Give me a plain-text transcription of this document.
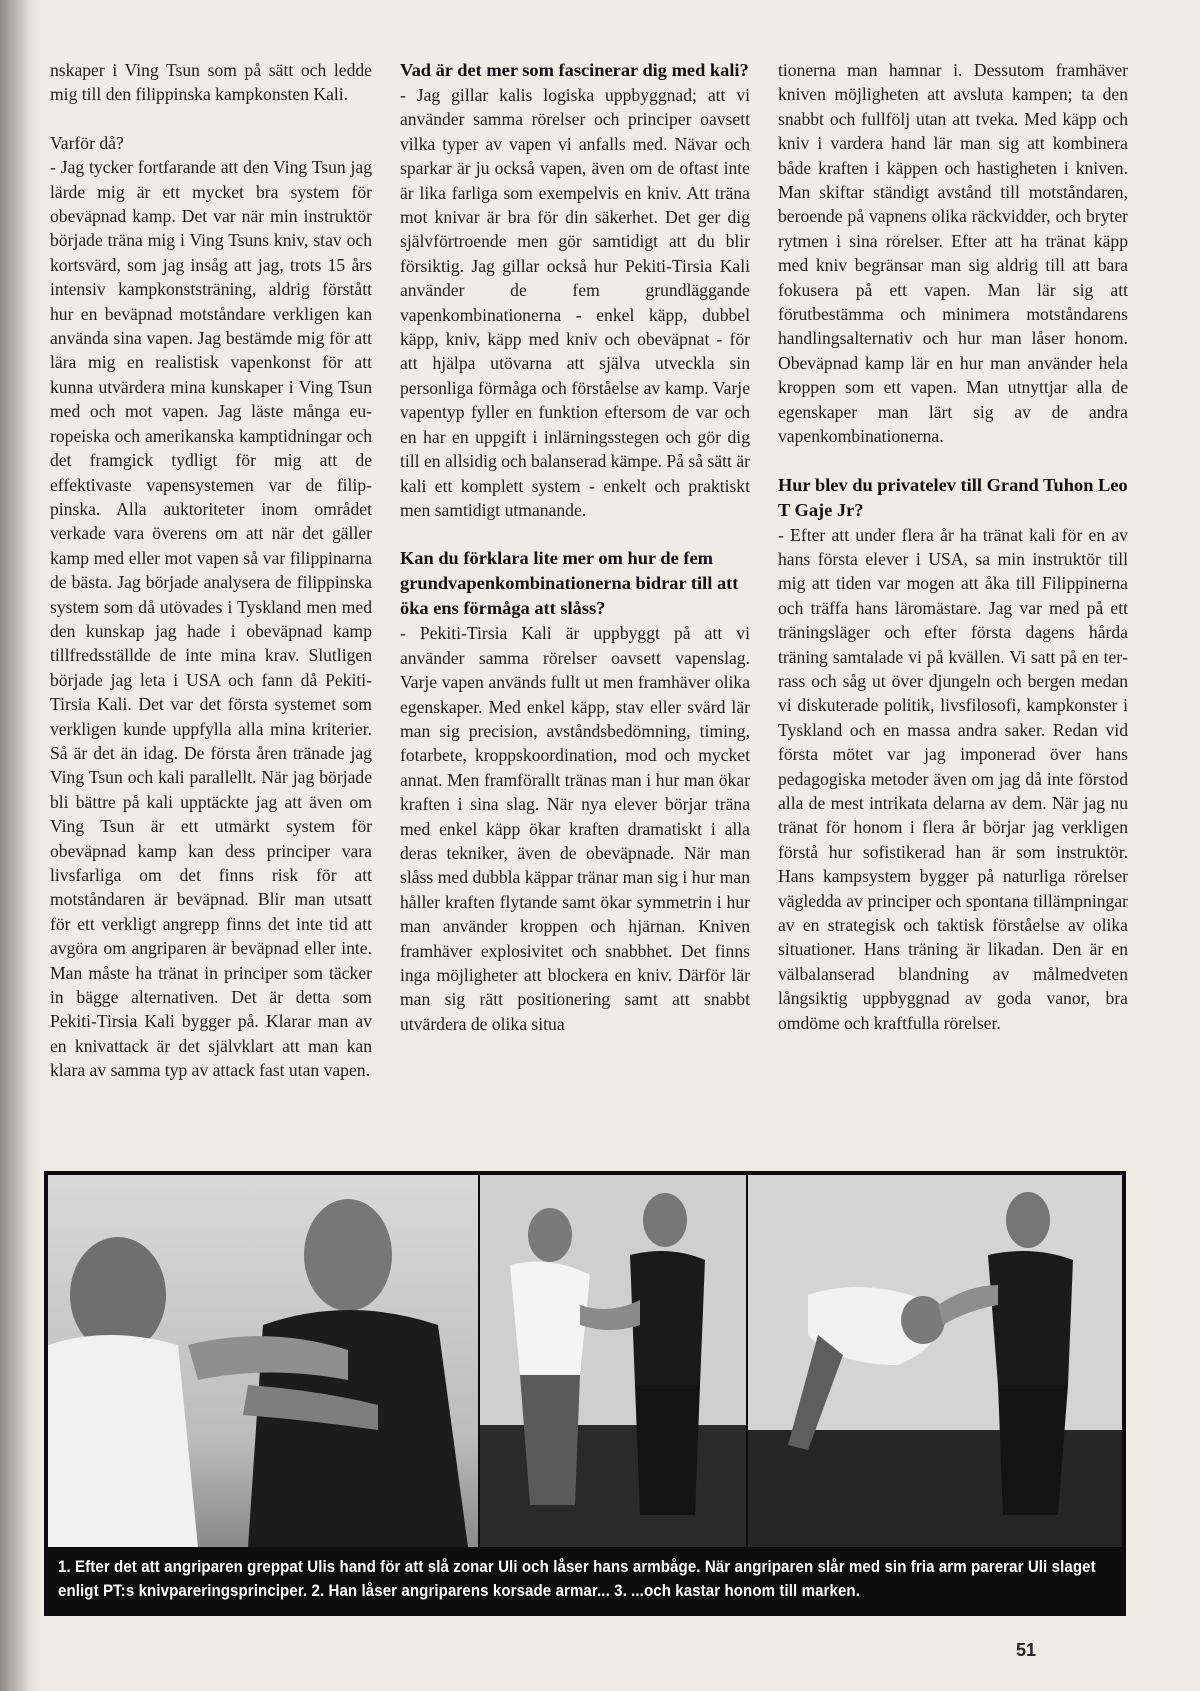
nskaper i Ving Tsun som på sätt och ledde mig till den filippinska kampkonsten Kali.

Varför då?

- Jag tycker fortfarande att den Ving Tsun jag lärde mig är ett mycket bra system för obeväpnad kamp. Det var när min instruktör började träna mig i Ving Tsuns kniv, stav och kortsvärd, som jag insåg att jag, trots 15 års intensiv kampkonststräning, aldrig förstått hur en beväpnad motståndare verkligen kan använda sina vapen. Jag bestämde mig för att lära mig en realistisk vapenkonst för att kunna utvärdera mina kunskaper i Ving Tsun med och mot vapen. Jag läste många europeiska och amerikanska kamptidningar och det framgick tydligt för mig att de effektivaste vapensystemen var de filippinska. Alla auktoriteter inom området verkade vara överens om att när det gäller kamp med eller mot vapen så var filippinarna de bästa. Jag började analysera de filippinska system som då utövades i Tyskland men med den kunskap jag hade i obeväpnad kamp tillfredsställde de inte mina krav. Slutligen började jag leta i USA och fann då Pekiti-Tirsia Kali. Det var det första systemet som verkligen kunde uppfylla alla mina kriterier. Så är det än idag. De första åren tränade jag Ving Tsun och kali parallellt. När jag började bli bättre på kali upptäckte jag att även om Ving Tsun är ett utmärkt system för obeväpnad kamp kan dess principer vara livsfarliga om det finns risk för att motståndaren är beväpnad. Blir man utsatt för ett verkligt angrepp finns det inte tid att avgöra om angriparen är beväpnad eller inte. Man måste ha tränat in principer som täcker in bägge alternativen. Det är detta som Pekiti-Tirsia Kali bygger på. Klarar man av en knivattack är det självklart att man kan klara av samma typ av attack fast utan vapen.

Vad är det mer som fascinerar dig med kali?

- Jag gillar kalis logiska uppbyggnad; att vi använder samma rörelser och principer oavsett vilka typer av vapen vi anfalls med. Nävar och sparkar är ju också vapen, även om de oftast inte är lika farliga som exempelvis en kniv. Att träna mot knivar är bra för din säkerhet. Det ger dig självförtroende men gör samtidigt att du blir försiktig. Jag gillar också hur Pekiti-Tirsia Kali använder de fem grundläggande vapenkombinationerna - enkel käpp, dubbel käpp, kniv, käpp med kniv och obeväpnat - för att hjälpa utövarna att själva utveckla sin personliga förmåga och förståelse av kamp. Varje vapentyp fyller en funktion eftersom de var och en har en uppgift i inlärningsstegen och gör dig till en allsidig och balanserad kämpe. På så sätt är kali ett komplett system - enkelt och praktiskt men samtidigt utmanande.

Kan du förklara lite mer om hur de fem grundvapenkombinationerna bidrar till att öka ens förmåga att slåss?

- Pekiti-Tirsia Kali är uppbyggt på att vi använder samma rörelser oavsett vapenslag. Varje vapen används fullt ut men framhäver olika egenskaper. Med enkel käpp, stav eller svärd lär man sig precision, avståndsbedömning, timing, fotarbete, kroppskoordination, mod och mycket annat. Men framförallt tränas man i hur man ökar kraften i sina slag. När nya elever börjar träna med enkel käpp ökar kraften dramatiskt i alla deras tekniker, även de obeväpnade. När man slåss med dubbla käppar tränar man sig i hur man håller kraften flytande samt ökar symmetrin i hur man använder kroppen och hjärnan. Kniven framhäver explosivitet och snabbhet. Det finns inga möjligheter att blockera en kniv. Därför lär man sig rätt positionering samt att snabbt utvärdera de olika situa

tionerna man hamnar i. Dessutom framhäver kniven möjligheten att avsluta kampen; ta den snabbt och fullfölj utan att tveka. Med käpp och kniv i vardera hand lär man sig att kombinera både kraften i käppen och hastigheten i kniven. Man skiftar ständigt avstånd till motståndaren, beroende på vapnens olika räckvidder, och bryter rytmen i sina rörelser. Efter att ha tränat käpp med kniv begränsar man sig aldrig till att bara fokusera på ett vapen. Man lär sig att förutbestämma och minimera motståndarens handlingsalternativ och hur man låser honom. Obeväpnad kamp lär en hur man använder hela kroppen som ett vapen. Man utnyttjar alla de egenskaper man lärt sig av de andra vapenkombinationerna.

Hur blev du privatelev till Grand Tuhon Leo T Gaje Jr?

- Efter att under flera år ha tränat kali för en av hans första elever i USA, sa min instruktör till mig att tiden var mogen att åka till Filippinerna och träffa hans läromästare. Jag var med på ett träningsläger och efter första dagens hårda träning samtalade vi på kvällen. Vi satt på en terrass och såg ut över djungeln och bergen medan vi diskuterade politik, livsfilosofi, kampkonster i Tyskland och en massa andra saker. Redan vid första mötet var jag imponerad över hans pedagogiska metoder även om jag då inte förstod alla de mest intrikata delarna av dem. När jag nu tränat för honom i flera år börjar jag verkligen förstå hur sofistikerad han är som instruktör. Hans kampsystem bygger på naturliga rörelser vägledda av principer och spontana tillämpningar av en strategisk och taktisk förståelse av olika situationer. Hans träning är likadan. Den är en välbalanserad blandning av målmedveten långsiktig uppbyggnad av goda vanor, bra omdöme och kraftfulla rörelser.

1. Efter det att angriparen greppat Ulis hand för att slå zonar Uli och låser hans armbåge. När angriparen slår med sin fria arm parerar Uli slaget enligt PT:s knivpareringsprinciper. 2. Han låser angriparens korsade armar... 3. ...och kastar honom till marken.
51
